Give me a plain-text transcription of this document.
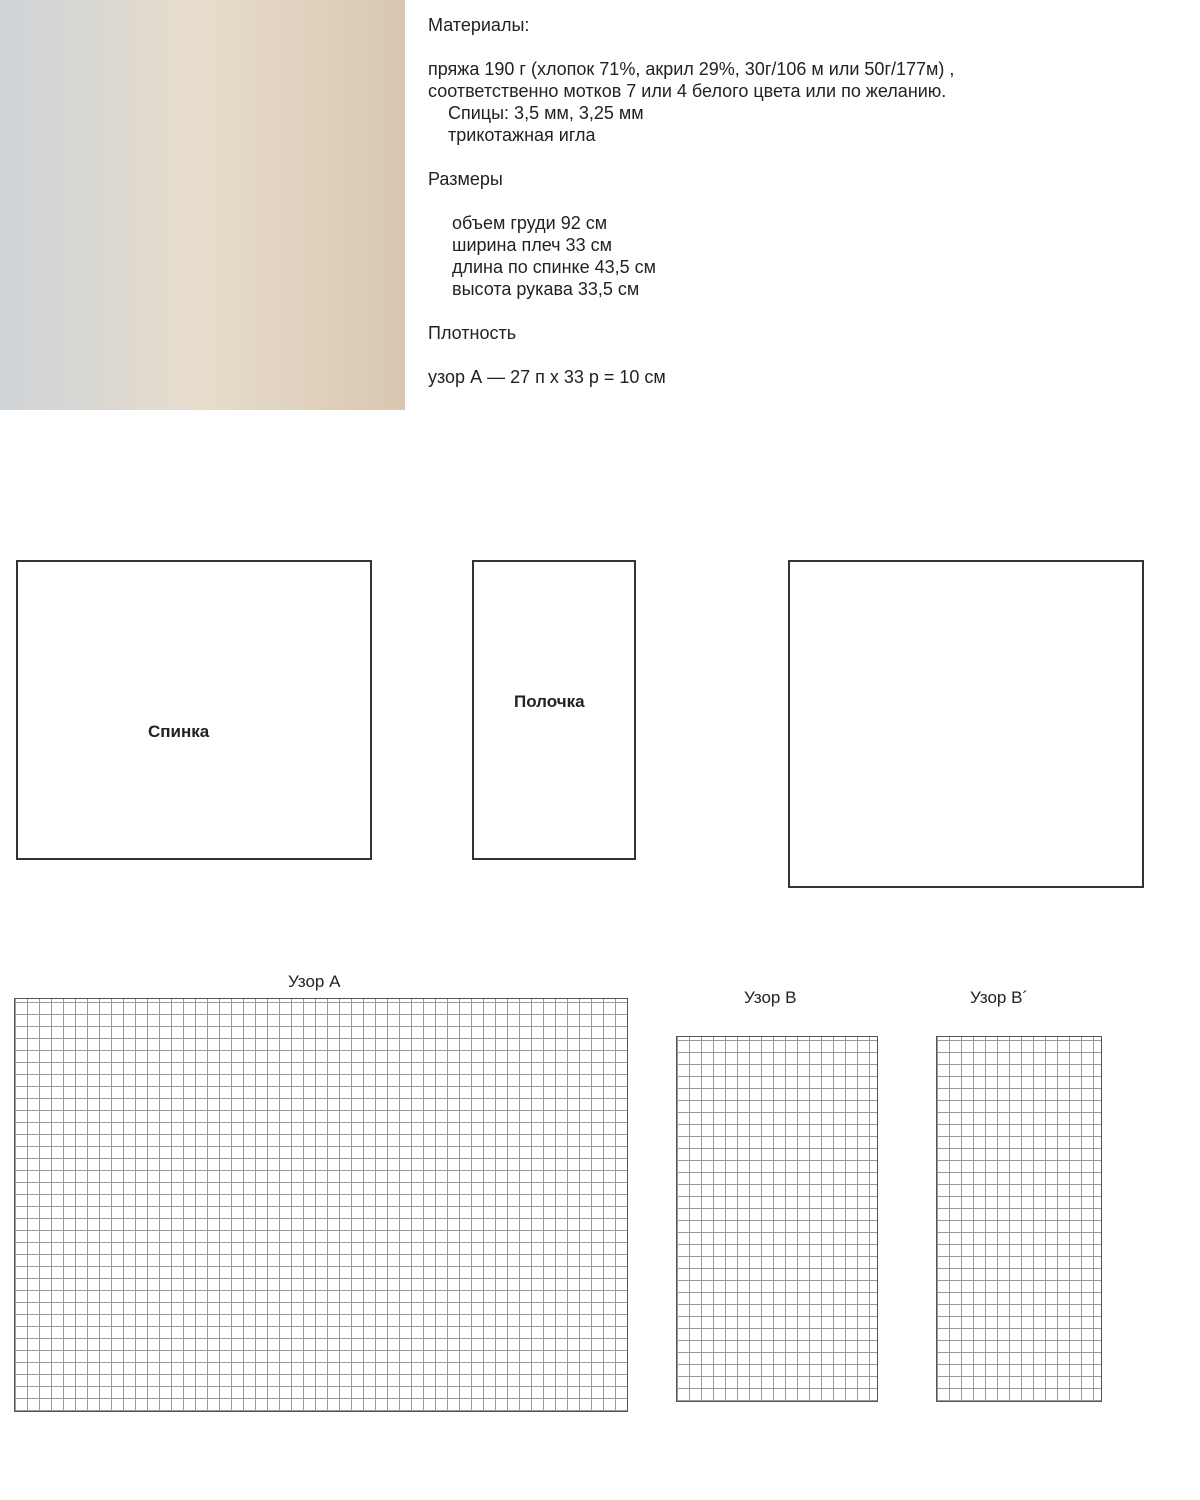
Материалы:
пряжа 190 г (хлопок 71%, акрил 29%, 30г/106 м или 50г/177м) ,
соответственно мотков 7 или 4 белого цвета или по желанию.
Спицы: 3,5 мм, 3,25 мм
трикотажная игла
Размеры
объем груди 92 см
ширина плеч 33 см
длина по спинке 43,5 см
высота рукава 33,5 см
Плотность
узор А — 27 п х 33 р = 10 см
Спинка
Полочка
Узор A
Узор B	Узор B´
